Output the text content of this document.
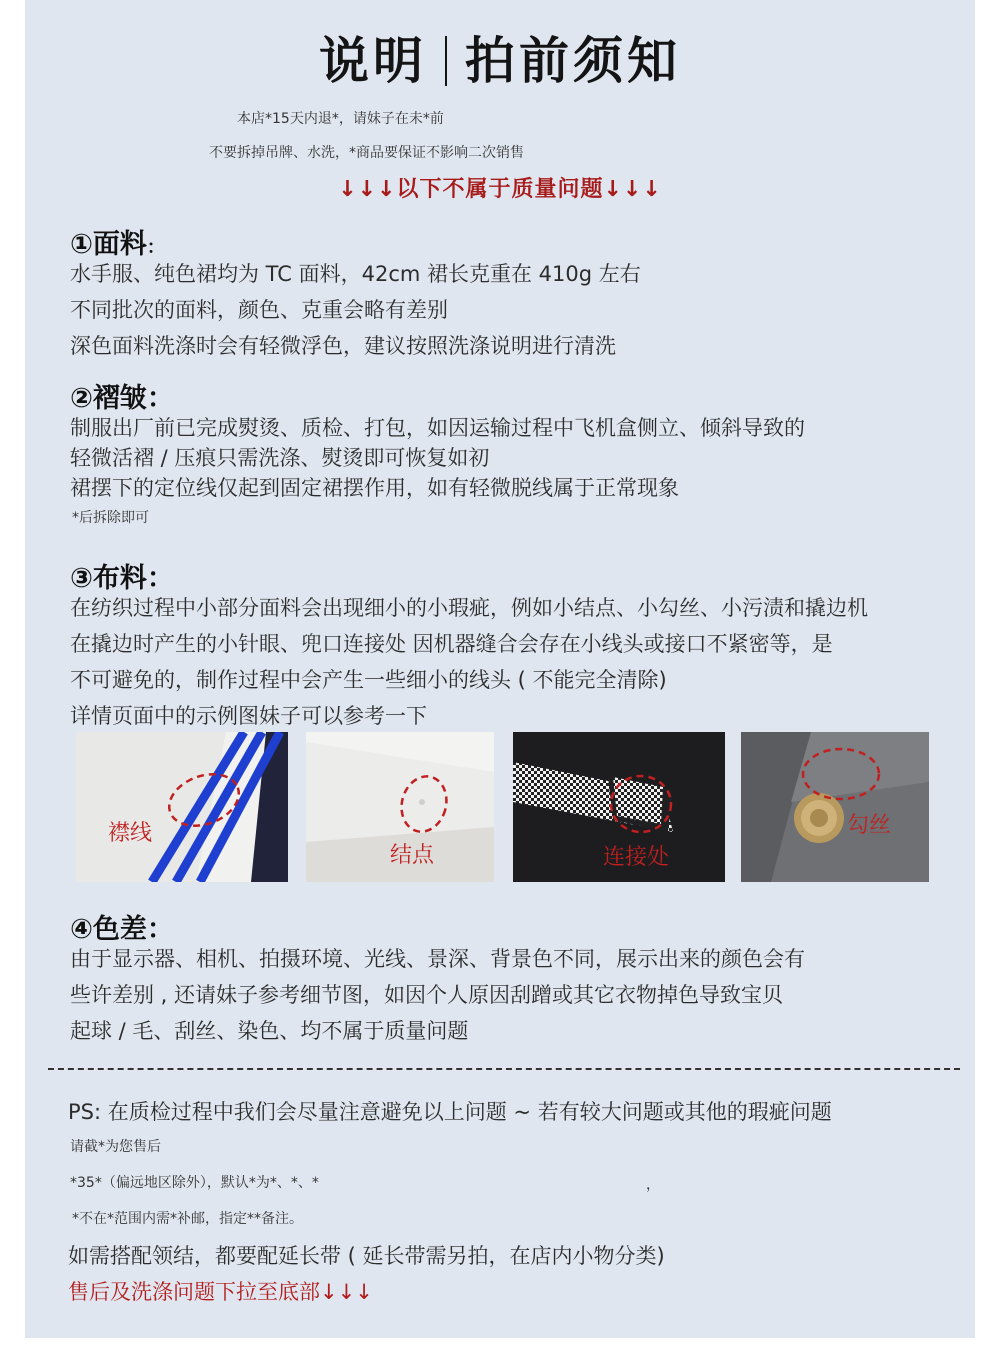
说明 拍前须知
本店*15天内退*，请妹子在未*前
不要拆掉吊牌、水洗，*商品要保证不影响二次销售
↓↓↓以下不属于质量问题↓↓↓
①面料：
水手服、纯色裙均为 TC 面料，42cm 裙长克重在 410g 左右
不同批次的面料，颜色、克重会略有差别
深色面料洗涤时会有轻微浮色，建议按照洗涤说明进行清洗
②褶皱：
制服出厂前已完成熨烫、质检、打包，如因运输过程中飞机盒侧立、倾斜导致的
轻微活褶 / 压痕只需洗涤、熨烫即可恢复如初
裙摆下的定位线仅起到固定裙摆作用，如有轻微脱线属于正常现象
*后拆除即可
③布料：
在纺织过程中小部分面料会出现细小的小瑕疵，例如小结点、小勾丝、小污渍和撬边机
在撬边时产生的小针眼、兜口连接处 因机器缝合会存在小线头或接口不紧密等，是
不可避免的，制作过程中会产生一些细小的线头 ( 不能完全清除)
详情页面中的示例图妹子可以参考一下
襟线
结点	连接处
勾丝
④色差：
由于显示器、相机、拍摄环境、光线、景深、背景色不同，展示出来的颜色会有
些许差别 , 还请妹子参考细节图，如因个人原因刮蹭或其它衣物掉色导致宝贝
起球 / 毛、刮丝、染色、均不属于质量问题
PS: 在质检过程中我们会尽量注意避免以上问题 ~ 若有较大问题或其他的瑕疵问题
请截*为您售后
*35*（偏远地区除外），默认*为*、*、*	，
*不在*范围内需*补邮，指定**备注。
如需搭配领结，都要配延长带 ( 延长带需另拍，在店内小物分类)
售后及洗涤问题下拉至底部↓↓↓
